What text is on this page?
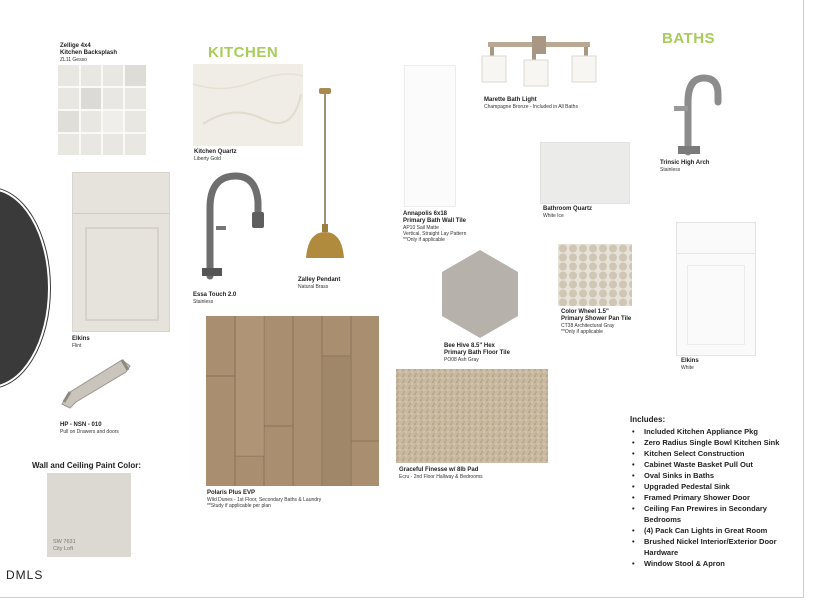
KITCHEN
BATHS
Zellige 4x4
Kitchen Backsplash
ZL11 Gesso
Elkins
Flint
HP - NSN - 010
Pull on Drawers and doors
Wall and Ceiling Paint Color:
SW 7631
City Loft
Kitchen Quartz
Liberty Gold
Essa Touch 2.0
Stainless
Zalley Pendant
Natural Brass
Polaris Plus EVP
Wild Dunes - 1st Floor, Secondary Baths & Laundry
**Study if applicable per plan
Annapolis 6x18
Primary Bath Wall Tile
AP10 Sail Matte
Vertical, Straight Lay Pattern
**Only if applicable
Bee Hive 8.5" Hex
Primary Bath Floor Tile
PO08 Ash Gray
Graceful Finesse w/ 8lb Pad
Ecru - 2nd Floor Hallway & Bedrooms
Marette Bath Light
Champagne Bronze - Included in All Baths
Bathroom Quartz
White Ice
Color Wheel 1.5"
Primary Shower Pan Tile
CT38 Architectural Gray
**Only if applicable
Trinsic High Arch
Stainless
Elkins
White
Includes:
• Included Kitchen Appliance Pkg
• Zero Radius Single Bowl Kitchen Sink
• Kitchen Select Construction
• Cabinet Waste Basket Pull Out
• Oval Sinks in Baths
• Upgraded Pedestal Sink
• Framed Primary Shower Door
• Ceiling Fan Prewires in Secondary Bedrooms
• (4) Pack Can Lights in Great Room
• Brushed Nickel Interior/Exterior Door Hardware
• Window Stool & Apron
DMLS
